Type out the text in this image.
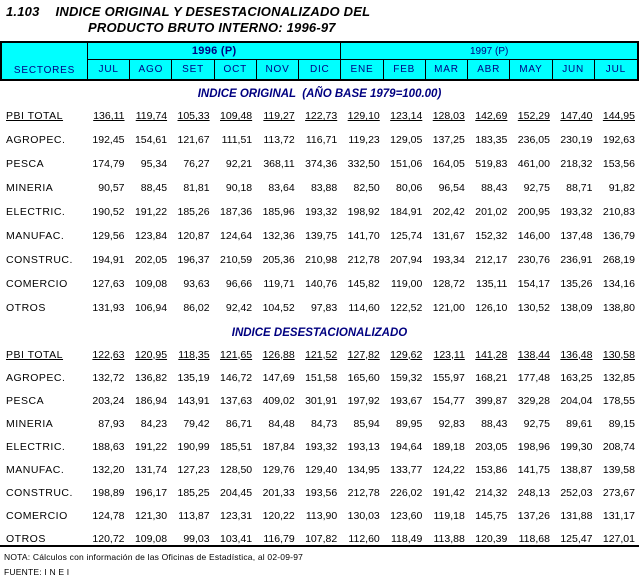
1.103 INDICE ORIGINAL Y DESESTACIONALIZADO DEL
PRODUCTO BRUTO INTERNO: 1996-97
SECTORES
1996 (P)	1997 (P)
JUL	AGO	SET	OCT	NOV	DIC	ENE	FEB	MAR	ABR	MAY	JUN	JUL
INDICE ORIGINAL  (AÑO BASE 1979=100.00)
PBI TOTAL	136,11	119,74 105,33 109,48	119,27 122,73 129,10 123,14 128,03 142,69 152,29 147,40 144,95
AGROPEC.	192,45 154,61 121,67	111,51	113,72	116,71	119,23 129,05 137,25 183,35 236,05 230,19 192,63
PESCA	174,79	95,34	76,27	92,21	368,11 374,36 332,50 151,06 164,05 519,83 461,00 218,32 153,56
MINERIA	90,57	88,45	81,81	90,18	83,64	83,88	82,50	80,06	96,54	88,43	92,75	88,71	91,82
ELECTRIC.	190,52 191,22 185,26 187,36 185,96 193,32 198,92 184,91 202,42 201,02 200,95 193,32 210,83
MANUFAC.	129,56 123,84 120,87 124,64 132,36 139,75 141,70 125,74 131,67 152,32 146,00 137,48 136,79
CONSTRUC.	194,91 202,05 196,37 210,59 205,36 210,98 212,78 207,94 193,34 212,17 230,76 236,91 268,19
COMERCIO	127,63 109,08	93,63	96,66	119,71 140,76 145,82	119,00 128,72	135,11 154,17 135,26 134,16
OTROS	131,93 106,94	86,02	92,42 104,52	97,83	114,60 122,52 121,00 126,10 130,52 138,09 138,80
INDICE DESESTACIONALIZADO
PBI TOTAL	122,63 120,95	118,35 121,65 126,88 121,52 127,82 129,62	123,11 141,28 138,44 136,48 130,58
AGROPEC.	132,72 136,82 135,19 146,72 147,69 151,58 165,60 159,32 155,97 168,21 177,48 163,25 132,85
PESCA	203,24 186,94 143,91 137,63 409,02 301,91 197,92 193,67 154,77 399,87 329,28 204,04 178,55
MINERIA	87,93	84,23	79,42	86,71	84,48	84,73	85,94	89,95	92,83	88,43	92,75	89,61	89,15
ELECTRIC.	188,63 191,22 190,99 185,51 187,84 193,32 193,13 194,64 189,18 203,05 198,96 199,30 208,74
MANUFAC.	132,20 131,74 127,23 128,50 129,76 129,40 134,95 133,77 124,22 153,86 141,75 138,87 139,58
CONSTRUC.	198,89 196,17 185,25 204,45 201,33 193,56 212,78 226,02 191,42 214,32 248,13 252,03 273,67
COMERCIO	124,78 121,30	113,87 123,31 120,22	113,90 130,03 123,60	119,18 145,75 137,26 131,88 131,17
OTROS	120,72 109,08	99,03 103,41	116,79 107,82	112,60	118,49	113,88 120,39	118,68 125,47 127,01
NOTA: Cálculos con información de las Oficinas de Estadística, al 02-09-97
FUENTE: I N E I
